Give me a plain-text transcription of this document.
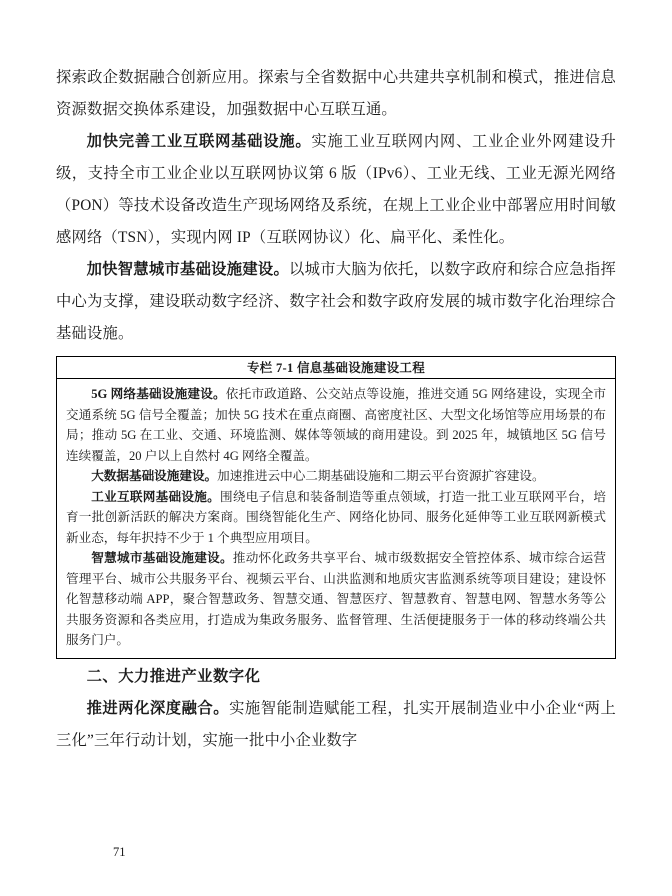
探索政企数据融合创新应用。探索与全省数据中心共建共享机制和模式，推进信息资源数据交换体系建设，加强数据中心互联互通。

加快完善工业互联网基础设施。实施工业互联网内网、工业企业外网建设升级，支持全市工业企业以互联网协议第 6 版（IPv6）、工业无线、工业无源光网络（PON）等技术设备改造生产现场网络及系统，在规上工业企业中部署应用时间敏感网络（TSN），实现内网 IP（互联网协议）化、扁平化、柔性化。

加快智慧城市基础设施建设。以城市大脑为依托，以数字政府和综合应急指挥中心为支撑，建设联动数字经济、数字社会和数字政府发展的城市数字化治理综合基础设施。

专栏 7-1 信息基础设施建设工程

5G 网络基础设施建设。依托市政道路、公交站点等设施，推进交通 5G 网络建设，实现全市交通系统 5G 信号全覆盖；加快 5G 技术在重点商圈、高密度社区、大型文化场馆等应用场景的布局；推动 5G 在工业、交通、环境监测、媒体等领域的商用建设。到 2025 年，城镇地区 5G 信号连续覆盖，20 户以上自然村 4G 网络全覆盖。

大数据基础设施建设。加速推进云中心二期基础设施和二期云平台资源扩容建设。

工业互联网基础设施。围绕电子信息和装备制造等重点领域，打造一批工业互联网平台，培育一批创新活跃的解决方案商。围绕智能化生产、网络化协同、服务化延伸等工业互联网新模式新业态，每年択持不少于 1 个典型应用项目。

智慧城市基础设施建设。推动怀化政务共享平台、城市级数据安全管控体系、城市综合运营管理平台、城市公共服务平台、视频云平台、山洪监测和地质灾害监测系统等项目建设；建设怀化智慧移动端 APP，聚合智慧政务、智慧交通、智慧医疗、智慧教育、智慧电网、智慧水务等公共服务资源和各类应用，打造成为集政务服务、监督管理、生活便捷服务于一体的移动终端公共服务门户。

二、大力推进产业数字化

推进两化深度融合。实施智能制造赋能工程，扎实开展制造业中小企业“两上三化”三年行动计划，实施一批中小企业数字

71
